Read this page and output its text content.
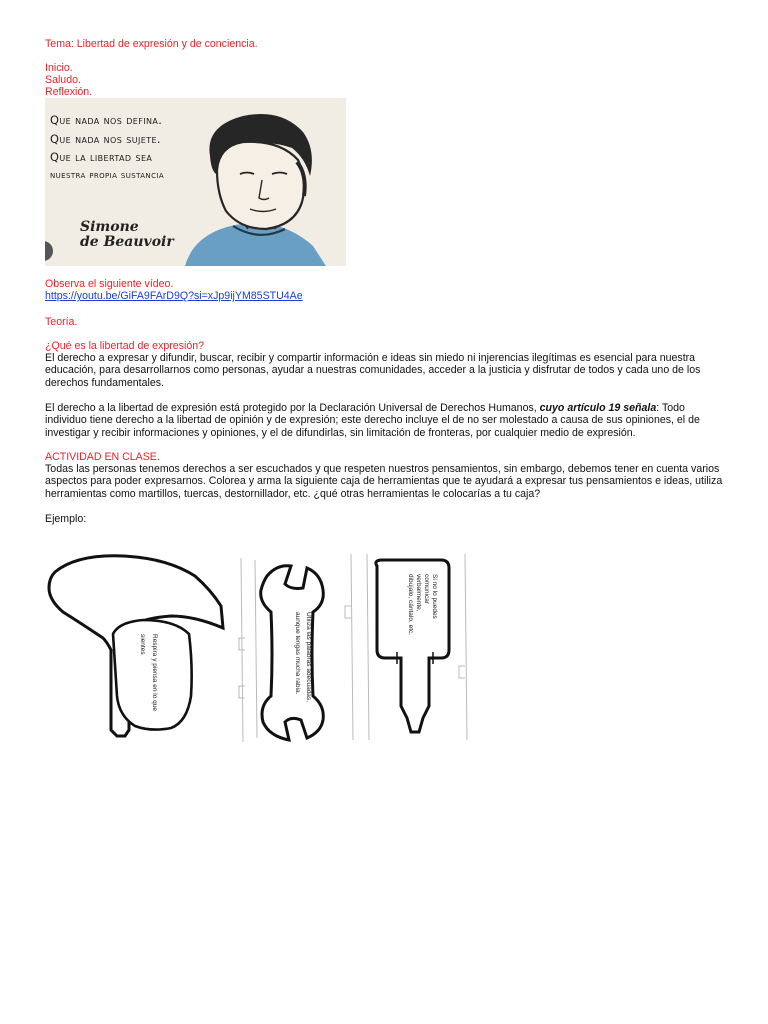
Tema: Libertad de expresión y de conciencia.
Inicio.
Saludo.
Reflexión.
Que nada nos defina.
Que nada nos sujete.
Que la libertad sea
nuestra propia sustancia
Simone
de Beauvoir
Observa el siguiente vídeo.
https://youtu.be/GiFA9FArD9Q?si=xJp9ijYM85STU4Ae
Teoría.
¿Qué es la libertad de expresión?
El derecho a expresar y difundir, buscar, recibir y compartir información e ideas sin miedo ni injerencias ilegítimas es esencial para nuestra educación, para desarrollarnos como personas, ayudar a nuestras comunidades, acceder a la justicia y disfrutar de todos y cada uno de los derechos fundamentales.
El derecho a la libertad de expresión está protegido por la Declaración Universal de Derechos Humanos, cuyo artículo 19 señala: Todo individuo tiene derecho a la libertad de opinión y de expresión; este derecho incluye el de no ser molestado a causa de sus opiniones, el de investigar y recibir informaciones y opiniones, y el de difundirlas, sin limitación de fronteras, por cualquier medio de expresión.
ACTIVIDAD EN CLASE.
Todas las personas tenemos derechos a ser escuchados y que respeten nuestros pensamientos, sin embargo, debemos tener en cuenta varios aspectos para poder expresarnos. Colorea y arma la siguiente caja de herramientas que te ayudará a expresar tus pensamientos e ideas, utiliza herramientas como martillos, tuercas, destornillador, etc. ¿qué otras herramientas le colocarías a tu caja?
Ejemplo:
Respira y piensa en lo que
sientes	Utiliza las palabras adecuadas,
aunque tengas mucha rabia.
Si no lo puedes
comunicar
verbalmente,
dibújalo, cántalo, etc.
